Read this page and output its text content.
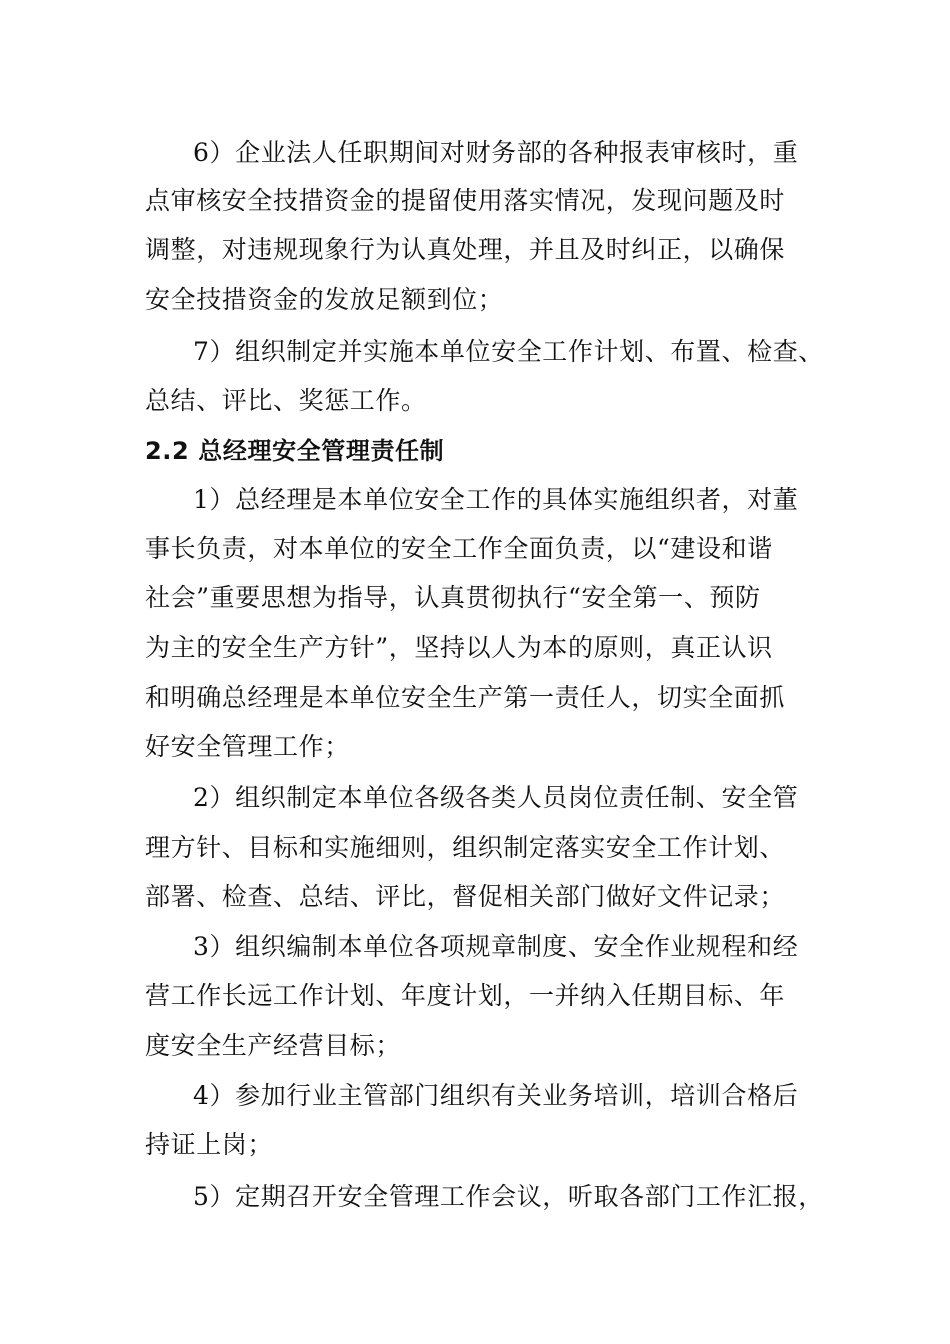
6）企业法人任职期间对财务部的各种报表审核时，重
点审核安全技措资金的提留使用落实情况，发现问题及时
调整，对违规现象行为认真处理，并且及时纠正，以确保
安全技措资金的发放足额到位；
7）组织制定并实施本单位安全工作计划、布置、检查、
总结、评比、奖惩工作。
2.2 总经理安全管理责任制
1）总经理是本单位安全工作的具体实施组织者，对董
事长负责，对本单位的安全工作全面负责，以“建设和谐
社会”重要思想为指导，认真贯彻执行“安全第一、预防
为主的安全生产方针”，坚持以人为本的原则，真正认识
和明确总经理是本单位安全生产第一责任人，切实全面抓
好安全管理工作；
2）组织制定本单位各级各类人员岗位责任制、安全管
理方针、目标和实施细则，组织制定落实安全工作计划、
部署、检查、总结、评比，督促相关部门做好文件记录；
3）组织编制本单位各项规章制度、安全作业规程和经
营工作长远工作计划、年度计划，一并纳入任期目标、年
度安全生产经营目标；
4）参加行业主管部门组织有关业务培训，培训合格后
持证上岗；
5）定期召开安全管理工作会议，听取各部门工作汇报，
